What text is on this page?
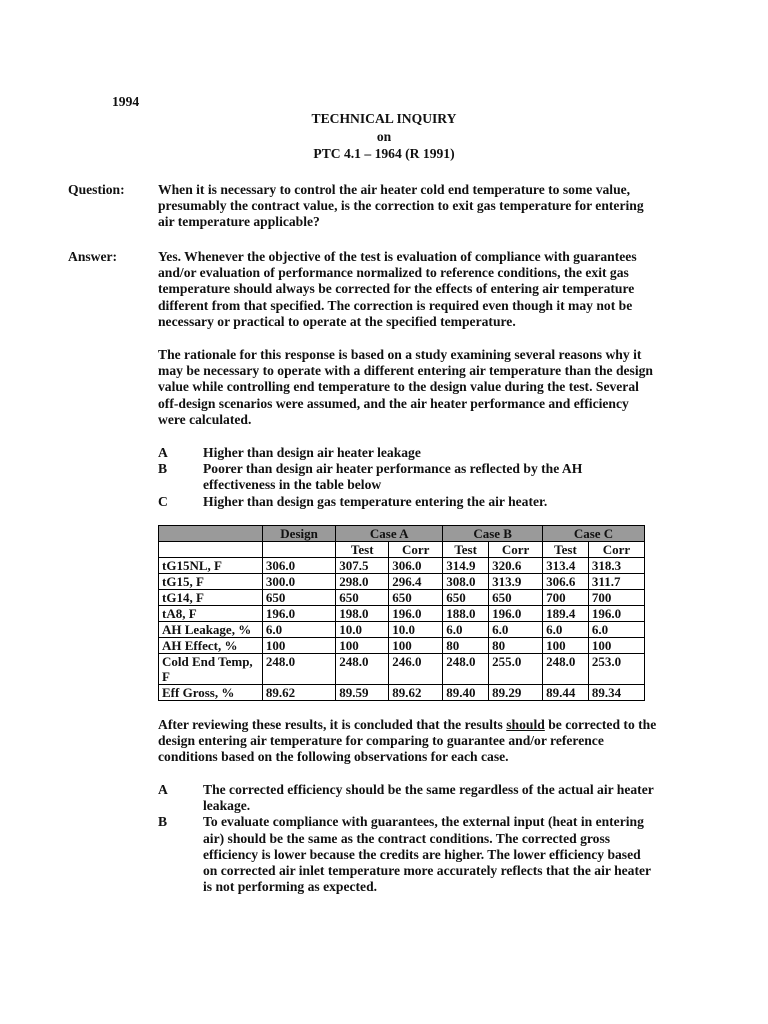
1994
TECHNICAL INQUIRY
on
PTC 4.1 – 1964 (R 1991)
Question: When it is necessary to control the air heater cold end temperature to some value, presumably the contract value, is the correction to exit gas temperature for entering air temperature applicable?
Answer:	Yes. Whenever the objective of the test is evaluation of compliance with guarantees and/or evaluation of performance normalized to reference conditions, the exit gas temperature should always be corrected for the effects of entering air temperature different from that specified. The correction is required even though it may not be necessary or practical to operate at the specified temperature.
The rationale for this response is based on a study examining several reasons why it may be necessary to operate with a different entering air temperature than the design value while controlling end temperature to the design value during the test. Several off-design scenarios were assumed, and the air heater performance and efficiency were calculated.
A	Higher than design air heater leakage
B	Poorer than design air heater performance as reflected by the AH effectiveness in the table below
C	Higher than design gas temperature entering the air heater.
	Design	Case A		Case B		Case C	
		Test	Corr	Test	Corr	Test	Corr
tG15NL, F	306.0	307.5	306.0	314.9	320.6	313.4	318.3
tG15, F	300.0	298.0	296.4	308.0	313.9	306.6	311.7
tG14, F	650	650	650	650	650	700	700
tA8, F	196.0	198.0	196.0	188.0	196.0	189.4	196.0
AH Leakage, %	6.0	10.0	10.0	6.0	6.0	6.0	6.0
AH Effect, %	100	100	100	80	80	100	100
Cold End Temp, F	248.0	248.0	246.0	248.0	255.0	248.0	253.0
Eff Gross, %	89.62	89.59	89.62	89.40	89.29	89.44	89.34
After reviewing these results, it is concluded that the results should be corrected to the design entering air temperature for comparing to guarantee and/or reference conditions based on the following observations for each case.
A	The corrected efficiency should be the same regardless of the actual air heater leakage.
B	To evaluate compliance with guarantees, the external input (heat in entering air) should be the same as the contract conditions. The corrected gross efficiency is lower because the credits are higher. The lower efficiency based on corrected air inlet temperature more accurately reflects that the air heater is not performing as expected.
